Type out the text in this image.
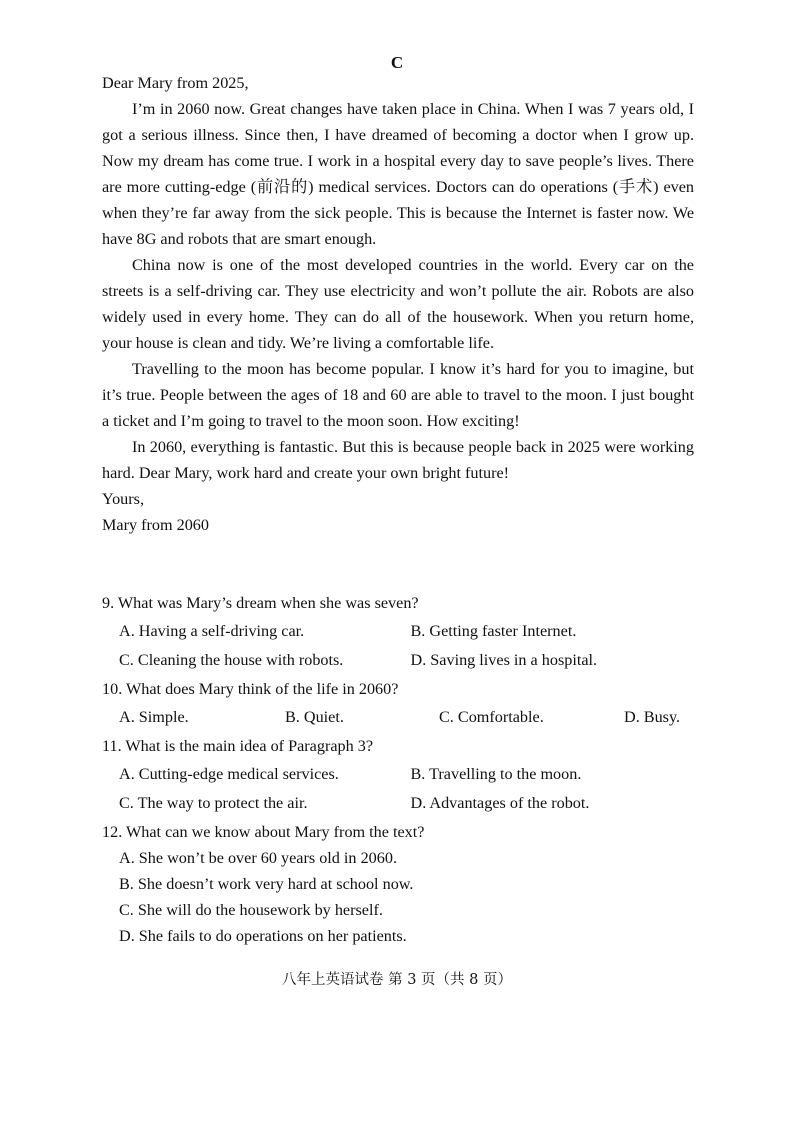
C

Dear Mary from 2025,

I’m in 2060 now. Great changes have taken place in China. When I was 7 years old, I got a serious illness. Since then, I have dreamed of becoming a doctor when I grow up. Now my dream has come true. I work in a hospital every day to save people’s lives. There are more cutting-edge (前沿的) medical services. Doctors can do operations (手术) even when they’re far away from the sick people. This is because the Internet is faster now. We have 8G and robots that are smart enough.

China now is one of the most developed countries in the world. Every car on the streets is a self-driving car. They use electricity and won’t pollute the air. Robots are also widely used in every home. They can do all of the housework. When you return home, your house is clean and tidy. We’re living a comfortable life.

Travelling to the moon has become popular. I know it’s hard for you to imagine, but it’s true. People between the ages of 18 and 60 are able to travel to the moon. I just bought a ticket and I’m going to travel to the moon soon. How exciting!

In 2060, everything is fantastic. But this is because people back in 2025 were working hard. Dear Mary, work hard and create your own bright future!

Yours,

Mary from 2060

9. What was Mary’s dream when she was seven?

A. Having a self-driving car.	B. Getting faster Internet.
C. Cleaning the house with robots.	D. Saving lives in a hospital.

10. What does Mary think of the life in 2060?

A. Simple.	B. Quiet.	C. Comfortable.	D. Busy.

11. What is the main idea of Paragraph 3?

A. Cutting-edge medical services.	B. Travelling to the moon.
C. The way to protect the air.	D. Advantages of the robot.

12. What can we know about Mary from the text?

A. She won’t be over 60 years old in 2060.
B. She doesn’t work very hard at school now.
C. She will do the housework by herself.
D. She fails to do operations on her patients.
八年上英语试卷 第 3 页（共 8 页）
